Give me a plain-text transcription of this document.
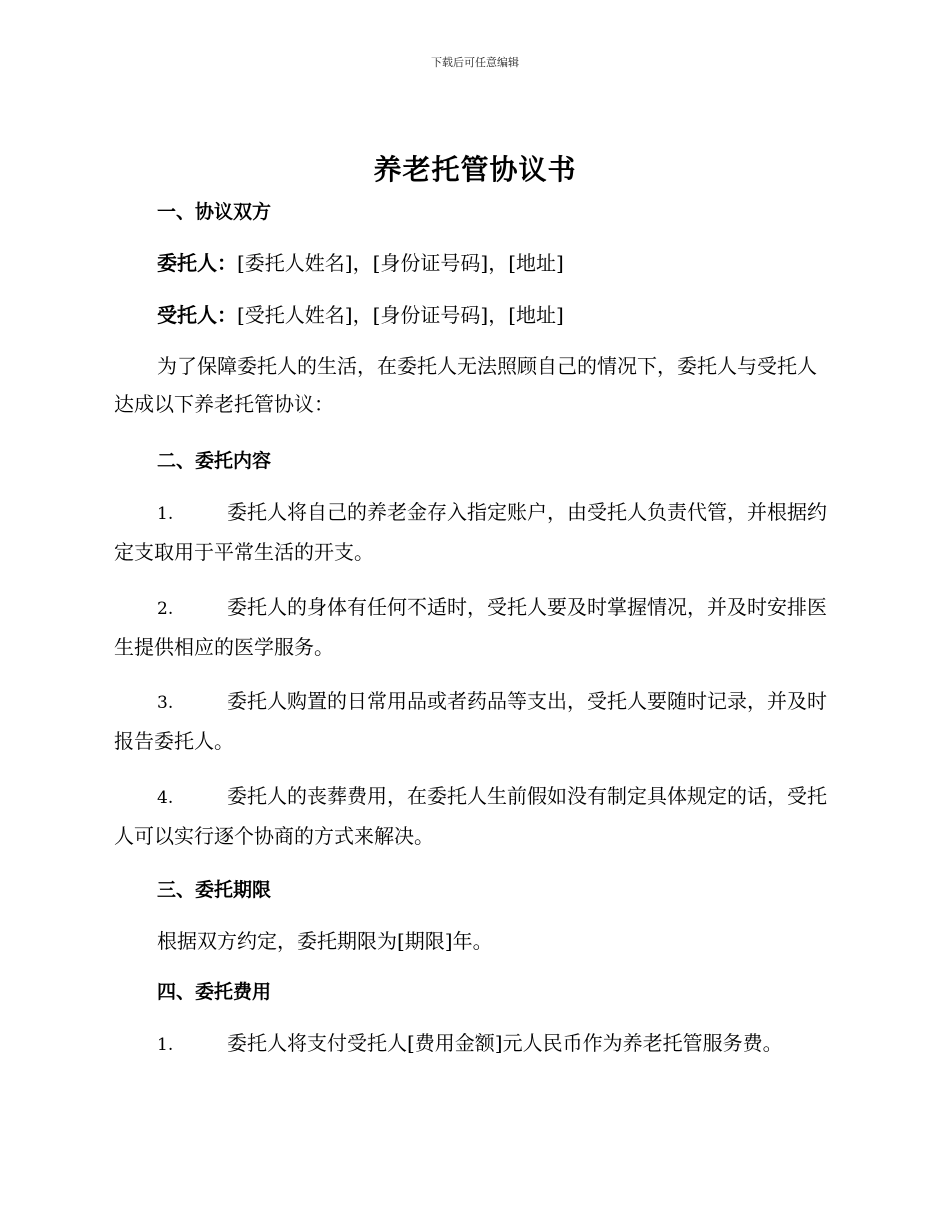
下载后可任意编辑
养老托管协议书
一、协议双方
委托人：[委托人姓名]，[身份证号码]，[地址]
受托人：[受托人姓名]，[身份证号码]，[地址]
为了保障委托人的生活，在委托人无法照顾自己的情况下，委托人与受托人达成以下养老托管协议：
二、委托内容
1.	委托人将自己的养老金存入指定账户，由受托人负责代管，并根据约定支取用于平常生活的开支。
2.	委托人的身体有任何不适时，受托人要及时掌握情况，并及时安排医生提供相应的医学服务。
3.	委托人购置的日常用品或者药品等支出，受托人要随时记录，并及时报告委托人。
4.	委托人的丧葬费用，在委托人生前假如没有制定具体规定的话，受托人可以实行逐个协商的方式来解决。
三、委托期限
根据双方约定，委托期限为[期限]年。
四、委托费用
1.	委托人将支付受托人[费用金额]元人民币作为养老托管服务费。
